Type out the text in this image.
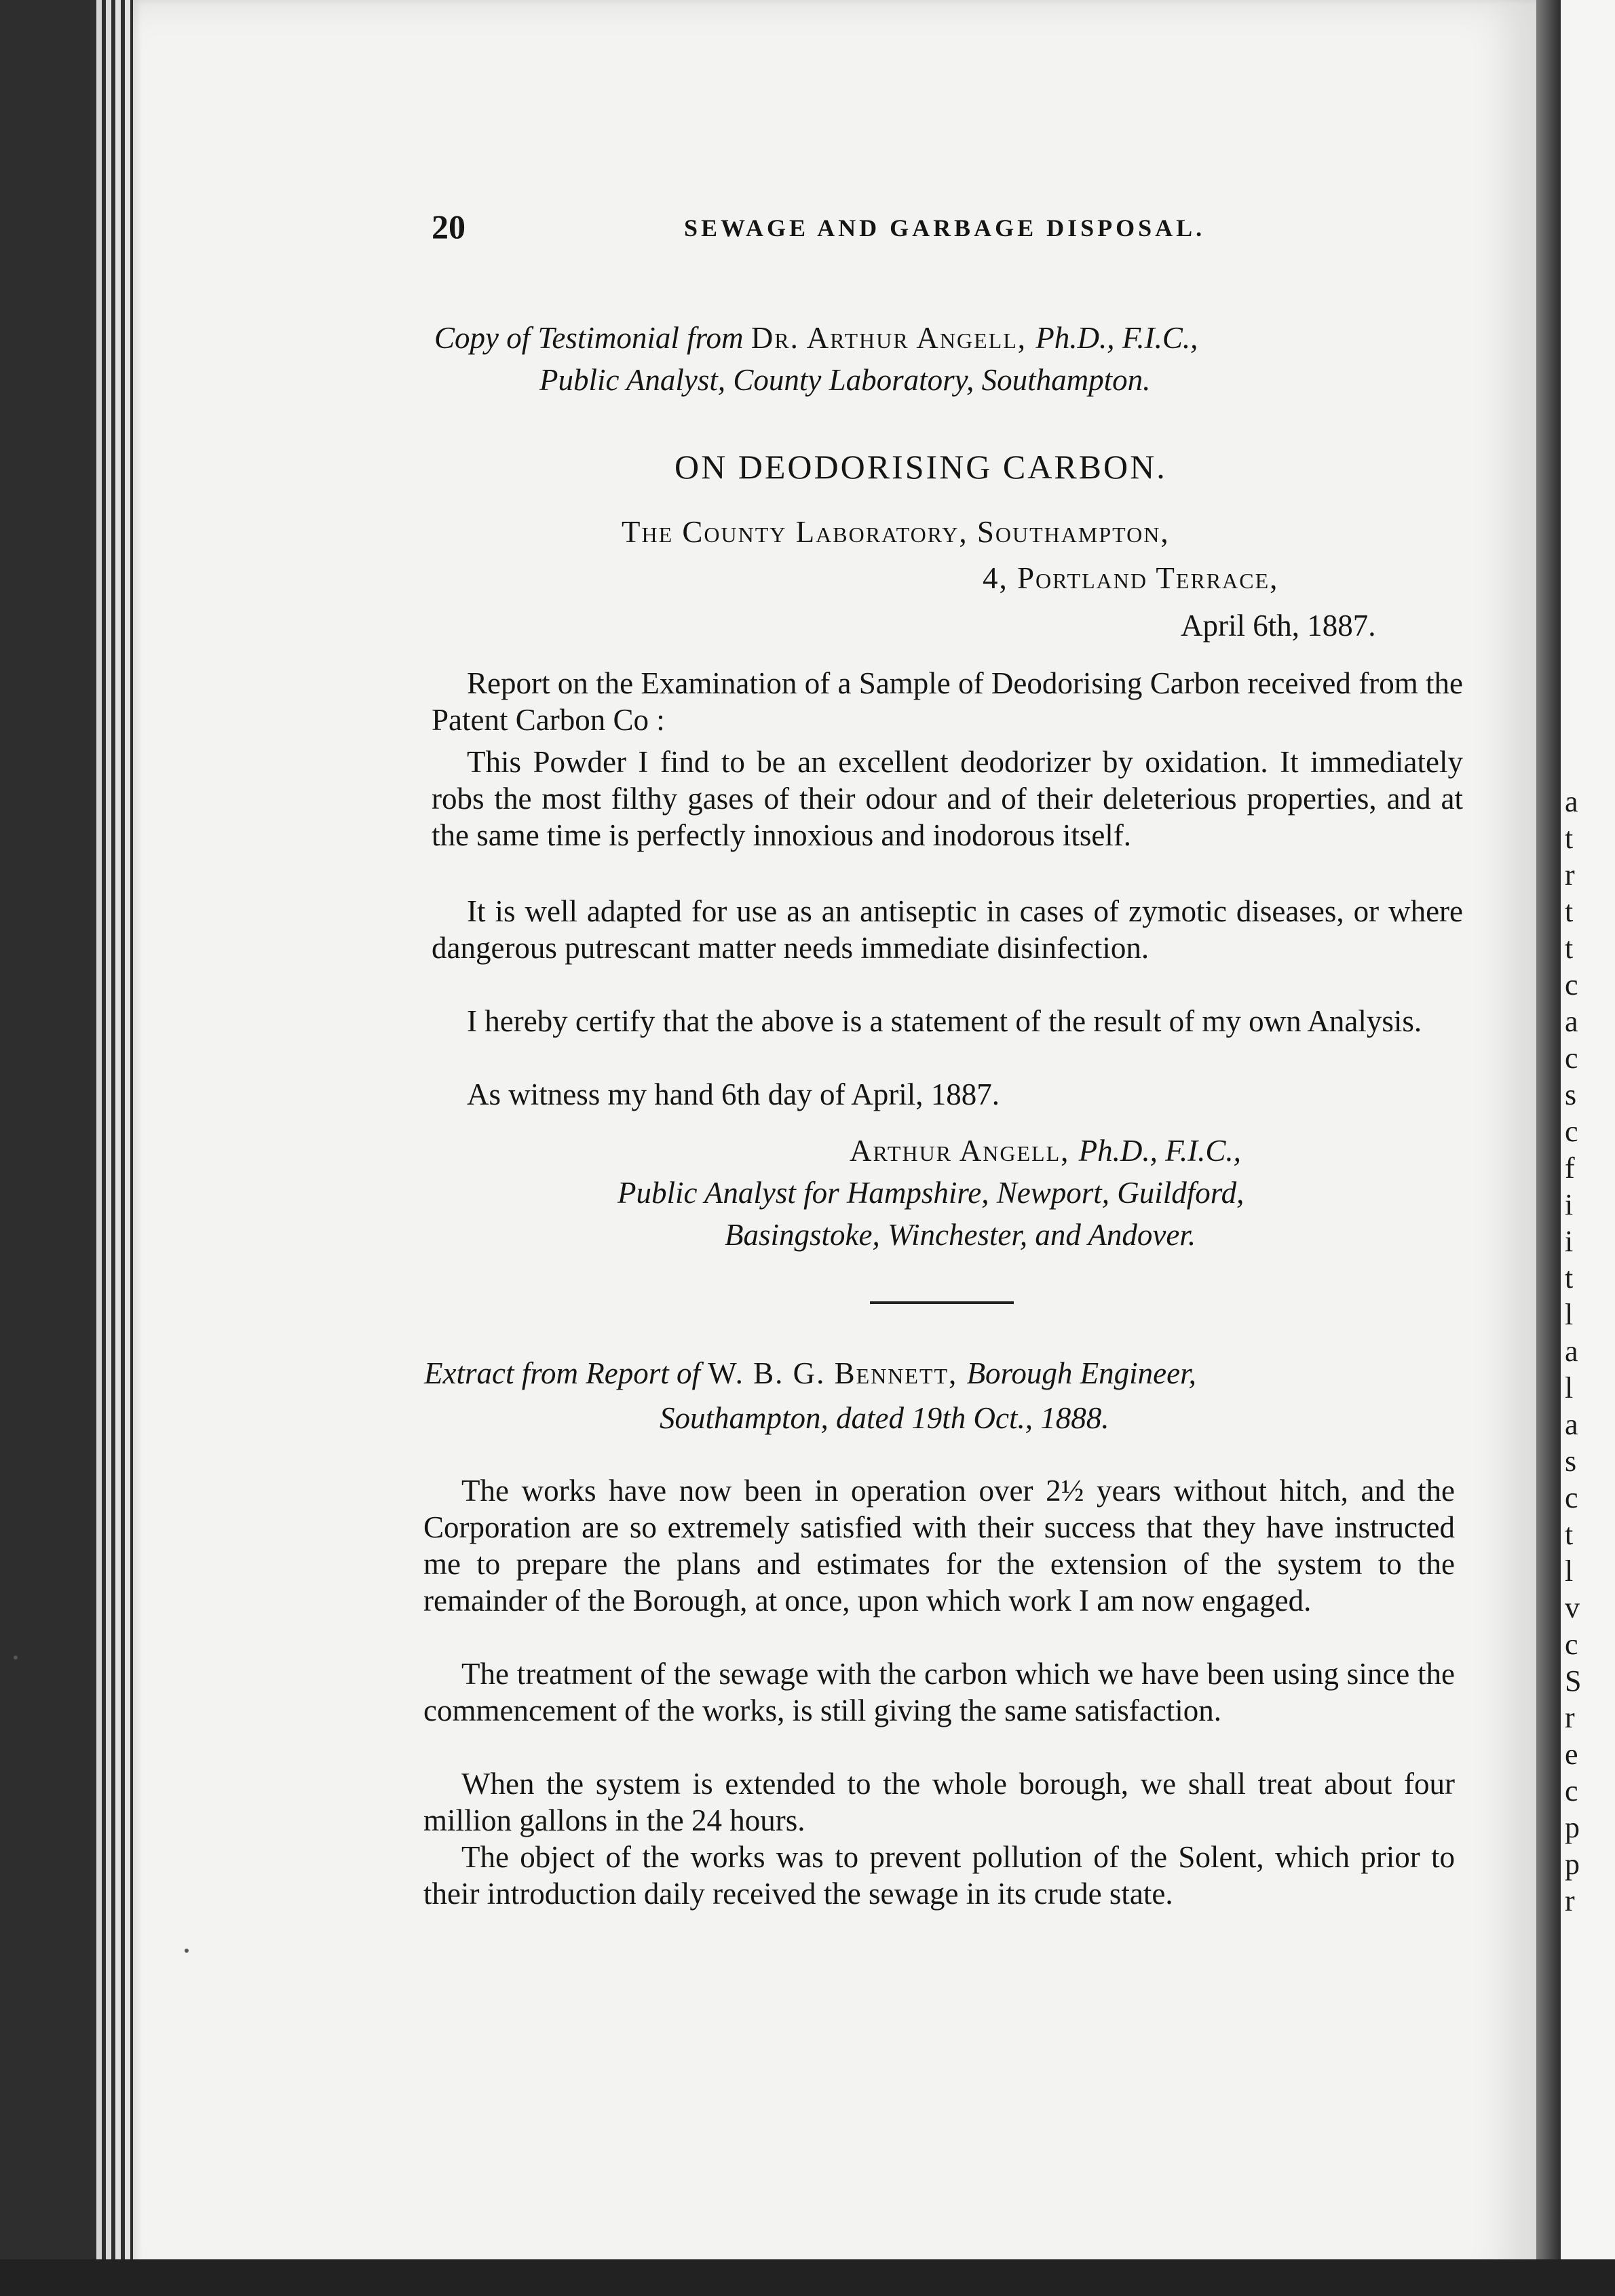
a
t
r
t
t
c
a
c
s
c
f
i
i
t
l
a
l
a
s
c
t
l
v
c
S
r
e
c
p
p
r
20	SEWAGE AND GARBAGE DISPOSAL.
Copy of Testimonial from Dr. Arthur Angell, Ph.D., F.I.C.,
Public Analyst, County Laboratory, Southampton.
ON DEODORISING CARBON.
The County Laboratory, Southampton,
4, Portland Terrace,
April 6th, 1887.
Report on the Examination of a Sample of Deodorising Carbon received from the Patent Carbon Co :
This Powder I find to be an excellent deodorizer by oxidation. It immediately robs the most filthy gases of their odour and of their deleterious properties, and at the same time is perfectly innoxious and inodorous itself.
It is well adapted for use as an antiseptic in cases of zymotic diseases, or where dangerous putrescant matter needs immediate disinfection.
I hereby certify that the above is a statement of the result of my own Analysis.
As witness my hand 6th day of April, 1887.
Arthur Angell, Ph.D., F.I.C.,
Public Analyst for Hampshire, Newport, Guildford,
Basingstoke, Winchester, and Andover.
Extract from Report of W. B. G. Bennett, Borough Engineer,
Southampton, dated 19th Oct., 1888.
The works have now been in operation over 2½ years without hitch, and the Corporation are so extremely satisfied with their success that they have instructed me to prepare the plans and estimates for the extension of the system to the remainder of the Borough, at once, upon which work I am now engaged.
The treatment of the sewage with the carbon which we have been using since the commencement of the works, is still giving the same satisfaction.
When the system is extended to the whole borough, we shall treat about four million gallons in the 24 hours.
The object of the works was to prevent pollution of the Solent, which prior to their introduction daily received the sewage in its crude state.
